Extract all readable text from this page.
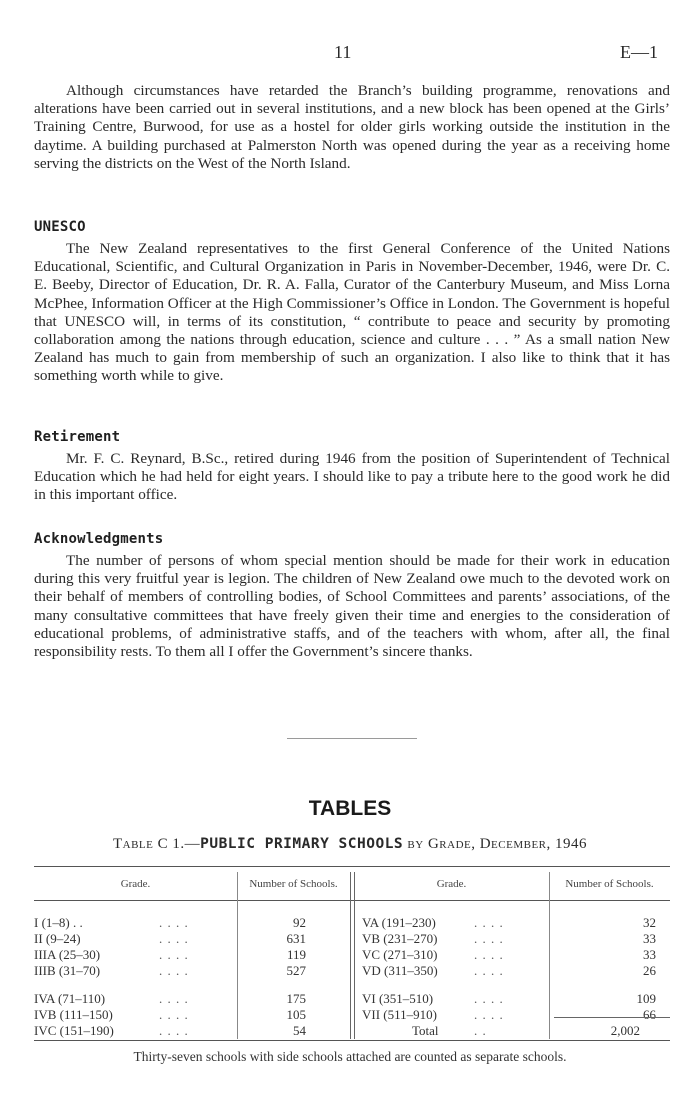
11	E—1

Although circumstances have retarded the Branch’s building programme, renovations and alterations have been carried out in several institutions, and a new block has been opened at the Girls’ Training Centre, Burwood, for use as a hostel for older girls working outside the institution in the daytime. A building purchased at Palmerston North was opened during the year as a receiving home serving the districts on the West of the North Island.

UNESCO

The New Zealand representatives to the first General Conference of the United Nations Educational, Scientific, and Cultural Organization in Paris in November-December, 1946, were Dr. C. E. Beeby, Director of Education, Dr. R. A. Falla, Curator of the Canterbury Museum, and Miss Lorna McPhee, Information Officer at the High Commissioner’s Office in London. The Government is hopeful that UNESCO will, in terms of its constitution, “ contribute to peace and security by promoting collaboration among the nations through education, science and culture . . . ” As a small nation New Zealand has much to gain from membership of such an organization. I also like to think that it has something worth while to give.

Retirement

Mr. F. C. Reynard, B.Sc., retired during 1946 from the position of Superintendent of Technical Education which he had held for eight years. I should like to pay a tribute here to the good work he did in this important office.

Acknowledgments

The number of persons of whom special mention should be made for their work in education during this very fruitful year is legion. The children of New Zealand owe much to the devoted work on their behalf of members of controlling bodies, of School Committees and parents’ associations, of the many consultative committees that have freely given their time and energies to the consideration of educational problems, of administrative staffs, and of the teachers with whom, after all, the final responsibility rests. To them all I offer the Government’s sincere thanks.

TABLES
Table C 1.—PUBLIC PRIMARY SCHOOLS by Grade, December, 1946
Grade.	Number of Schools.	Grade.	Number of Schools.
I (1–8) . .	. . . .	92
II (9–24)	. . . .	631
IIIA (25–30)	. . . .	119
IIIB (31–70)	. . . .	527
IVA (71–110)	. . . .	175
IVB (111–150)	. . . .	105
IVC (151–190)	. . . .	54
VA (191–230)	. . . .	32
VB (231–270)	. . . .	33
VC (271–310)	. . . .	33
VD (311–350)	. . . .	26
VI (351–510)	. . . .	109
VII (511–910)	. . . .	66
Total	. .	2,002
Thirty-seven schools with side schools attached are counted as separate schools.
